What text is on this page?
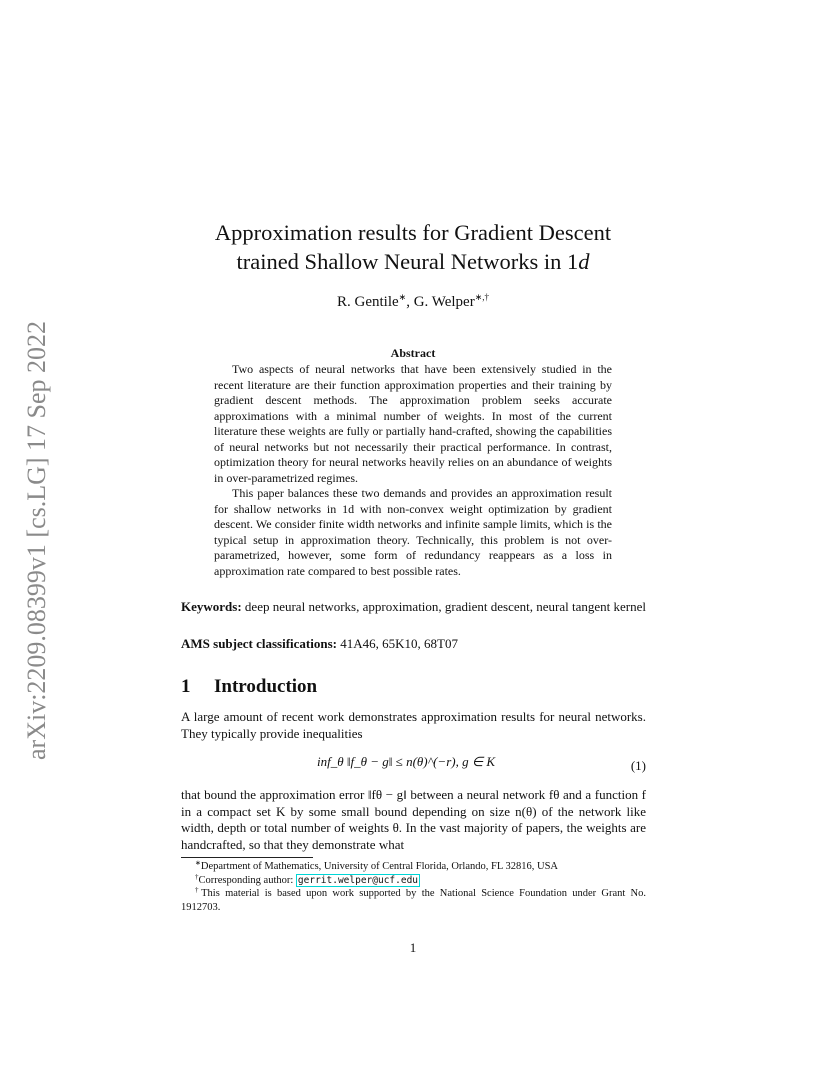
arXiv:2209.08399v1 [cs.LG] 17 Sep 2022
Approximation results for Gradient Descent
trained Shallow Neural Networks in 1d
R. Gentile∗, G. Welper∗,†
Abstract

Two aspects of neural networks that have been extensively studied in the recent literature are their function approximation properties and their training by gradient descent methods. The approximation problem seeks accurate approximations with a minimal number of weights. In most of the current literature these weights are fully or partially hand-crafted, showing the capabilities of neural networks but not necessarily their practical performance. In contrast, optimization theory for neural networks heavily relies on an abundance of weights in over-parametrized regimes.

This paper balances these two demands and provides an approximation result for shallow networks in 1d with non-convex weight optimization by gradient descent. We consider finite width networks and infinite sample limits, which is the typical setup in approximation theory. Technically, this problem is not over-parametrized, however, some form of redundancy reappears as a loss in approximation rate compared to best possible rates.

Keywords: deep neural networks, approximation, gradient descent, neural tangent kernel
AMS subject classifications: 41A46, 65K10, 68T07
1 Introduction
A large amount of recent work demonstrates approximation results for neural networks. They typically provide inequalities
inf_θ ‖f_θ − g‖ ≤ n(θ)^(−r), g ∈ K	(1)
that bound the approximation error ‖fθ − g‖ between a neural network fθ and a function f in a compact set K by some small bound depending on size n(θ) of the network like width, depth or total number of weights θ. In the vast majority of papers, the weights are handcrafted, so that they demonstrate what

∗Department of Mathematics, University of Central Florida, Orlando, FL 32816, USA

†Corresponding author: gerrit.welper@ucf.edu

†This material is based upon work supported by the National Science Foundation under Grant No. 1912703.

1
